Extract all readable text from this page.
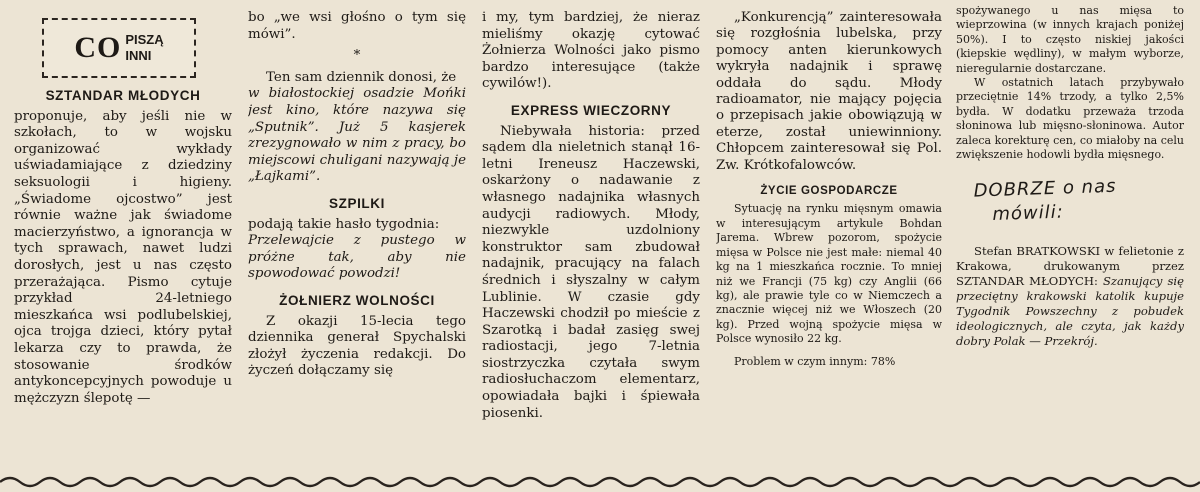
CO PISZĄ
INNI
SZTANDAR MŁODYCH

proponuje, aby jeśli nie w szkołach, to w wojsku organizować wykłady uświadamiające z dziedziny seksuologii i higieny. „Świadome ojcostwo” jest równie ważne jak świadome macierzyństwo, a ignorancja w tych sprawach, nawet ludzi dorosłych, jest u nas często przerażająca. Pismo cytuje przykład 24-letniego mieszkańca wsi podlubelskiej, ojca trojga dzieci, który pytał lekarza czy to prawda, że stosowanie środków antykoncepcyjnych powoduje u mężczyzn ślepotę —

bo „we wsi głośno o tym się mówi”.

*

Ten sam dziennik donosi, że

w białostockiej osadzie Mońki jest kino, które nazywa się „Sputnik”. Już 5 kasjerek zrezygnowało w nim z pracy, bo miejscowi chuligani nazywają je „Łajkami”.

SZPILKI

podają takie hasło tygodnia:

Przelewajcie z pustego w próżne tak, aby nie spowodować powodzi!

ŻOŁNIERZ WOLNOŚCI

Z okazji 15-lecia tego dziennika generał Spychalski złożył życzenia redakcji. Do życzeń dołączamy się

i my, tym bardziej, że nieraz mieliśmy okazję cytować Żołnierza Wolności jako pismo bardzo interesujące (także cywilów!).

EXPRESS WIECZORNY

Niebywała historia: przed sądem dla nieletnich stanął 16-letni Ireneusz Haczewski, oskarżony o nadawanie z własnego nadajnika własnych audycji radiowych. Młody, niezwykle uzdolniony konstruktor sam zbudował nadajnik, pracujący na falach średnich i słyszalny w całym Lublinie. W czasie gdy Haczewski chodził po mieście z Szarotką i badał zasięg swej radiostacji, jego 7-letnia siostrzyczka czytała swym radiosłuchaczom elementarz, opowiadała bajki i śpiewała piosenki.

„Konkurencją” zainteresowała się rozgłośnia lubelska, przy pomocy anten kierunkowych wykryła nadajnik i sprawę oddała do sądu. Młody radioamator, nie mający pojęcia o przepisach jakie obowiązują w eterze, został uniewinniony. Chłopcem zainteresował się Pol. Zw. Krótkofalowców.

ŻYCIE GOSPODARCZE

Sytuację na rynku mięsnym omawia w interesującym artykule Bohdan Jarema. Wbrew pozorom, spożycie mięsa w Polsce nie jest małe: niemal 40 kg na 1 mieszkańca rocznie. To mniej niż we Francji (75 kg) czy Anglii (66 kg), ale prawie tyle co w Niemczech a znacznie więcej niż we Włoszech (20 kg). Przed wojną spożycie mięsa w Polsce wynosiło 22 kg.

Problem w czym innym: 78%

spożywanego u nas mięsa to wieprzowina (w innych krajach poniżej 50%). I to często niskiej jakości (kiepskie wędliny), w małym wyborze, nieregularnie dostarczane.

W ostatnich latach przybywało przeciętnie 14% trzody, a tylko 2,5% bydła. W dodatku przeważa trzoda słoninowa lub mięsno-słoninowa. Autor zaleca korekturę cen, co miałoby na celu zwiększenie hodowli bydła mięsnego.

DOBRZE o nas
mówili:

Stefan BRATKOWSKI w felietonie z Krakowa, drukowanym przez SZTANDAR MŁODYCH: Szanujący się przeciętny krakowski katolik kupuje Tygodnik Powszechny z pobudek ideologicznych, ale czyta, jak każdy dobry Polak — Przekrój.
